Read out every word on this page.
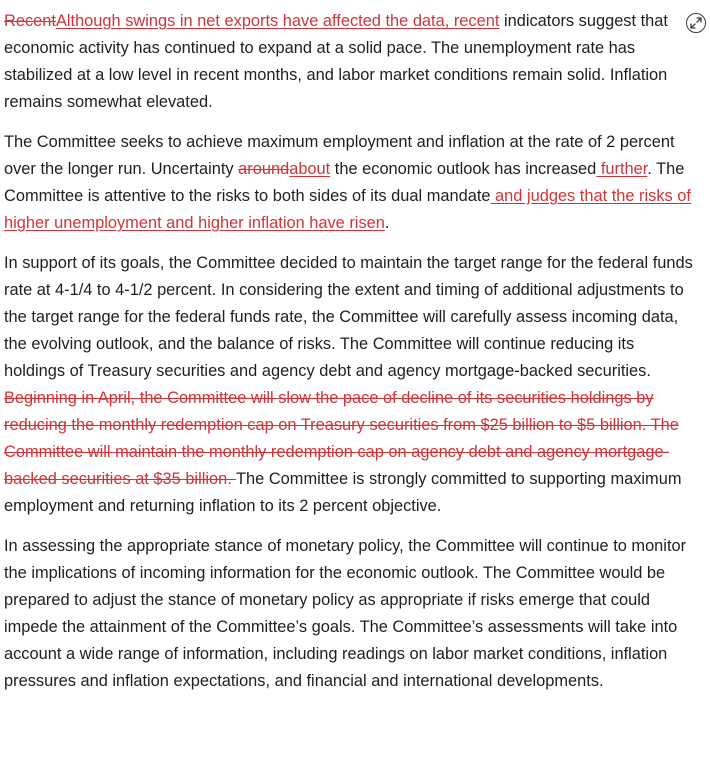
RecentAlthough swings in net exports have affected the data, recent indicators suggest that economic activity has continued to expand at a solid pace. The unemployment rate has stabilized at a low level in recent months, and labor market conditions remain solid. Inflation remains somewhat elevated.

The Committee seeks to achieve maximum employment and inflation at the rate of 2 percent over the longer run. Uncertainty aroundabout the economic outlook has increased further. The Committee is attentive to the risks to both sides of its dual mandate and judges that the risks of higher unemployment and higher inflation have risen.

In support of its goals, the Committee decided to maintain the target range for the federal funds rate at 4-1/4 to 4-1/2 percent. In considering the extent and timing of additional adjustments to the target range for the federal funds rate, the Committee will carefully assess incoming data, the evolving outlook, and the balance of risks. The Committee will continue reducing its holdings of Treasury securities and agency debt and agency mortgage-backed securities. Beginning in April, the Committee will slow the pace of decline of its securities holdings by reducing the monthly redemption cap on Treasury securities from $25 billion to $5 billion. The Committee will maintain the monthly redemption cap on agency debt and agency mortgage-backed securities at $35 billion. The Committee is strongly committed to supporting maximum employment and returning inflation to its 2 percent objective.

In assessing the appropriate stance of monetary policy, the Committee will continue to monitor the implications of incoming information for the economic outlook. The Committee would be prepared to adjust the stance of monetary policy as appropriate if risks emerge that could impede the attainment of the Committee’s goals. The Committee’s assessments will take into account a wide range of information, including readings on labor market conditions, inflation pressures and inflation expectations, and financial and international developments.
